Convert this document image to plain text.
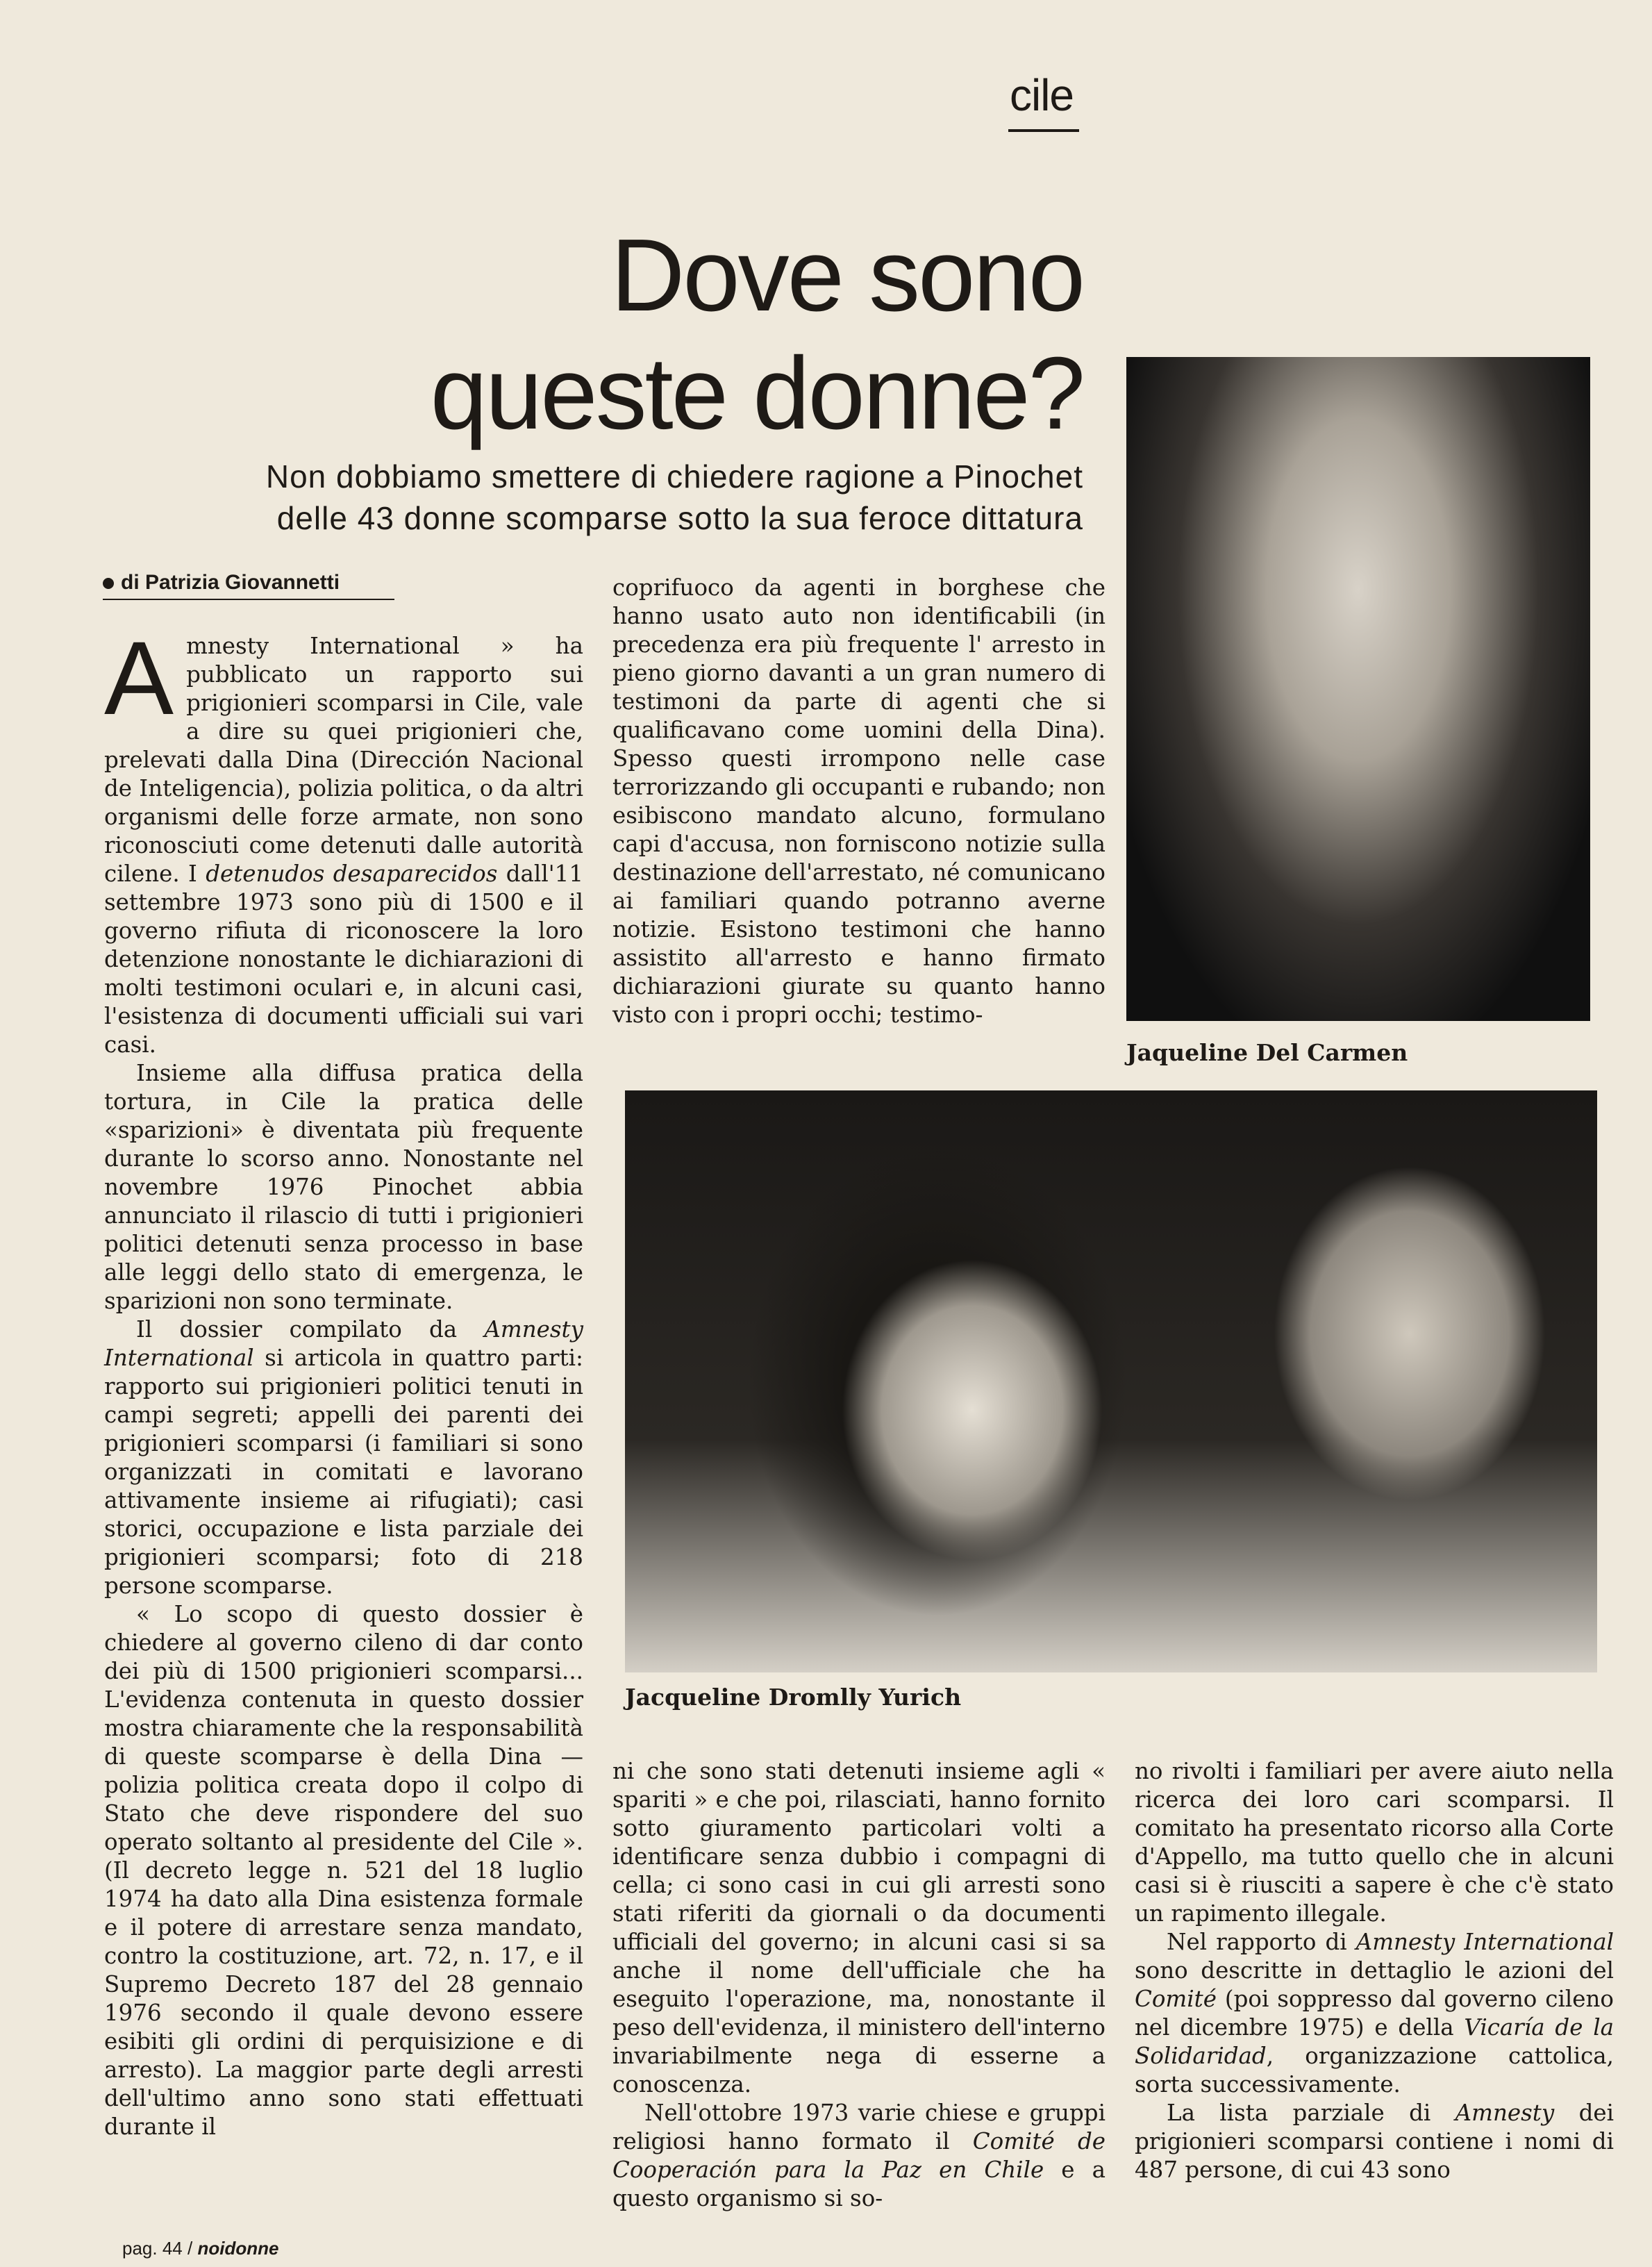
cile
Dove sono
queste donne?
Non dobbiamo smettere di chiedere ragione a Pinochet
delle 43 donne scomparse sotto la sua feroce dittatura
di Patrizia Giovannetti

Amnesty International » ha pubblicato un rapporto sui prigionieri scomparsi in Cile, vale a dire su quei prigionieri che, prelevati dalla Dina (Dirección Nacional de Inteligencia), polizia politica, o da altri organismi delle forze armate, non sono riconosciuti come detenuti dalle autorità cilene. I detenudos desaparecidos dall'11 settembre 1973 sono più di 1500 e il governo rifiuta di riconoscere la loro detenzione nonostante le dichiarazioni di molti testimoni oculari e, in alcuni casi, l'esistenza di documenti ufficiali sui vari casi.

Insieme alla diffusa pratica della tortura, in Cile la pratica delle «sparizioni» è diventata più frequente durante lo scorso anno. Nonostante nel novembre 1976 Pinochet abbia annunciato il rilascio di tutti i prigionieri politici detenuti senza processo in base alle leggi dello stato di emergenza, le sparizioni non sono terminate.

Il dossier compilato da Amnesty International si articola in quattro parti: rapporto sui prigionieri politici tenuti in campi segreti; appelli dei parenti dei prigionieri scomparsi (i familiari si sono organizzati in comitati e lavorano attivamente insieme ai rifugiati); casi storici, occupazione e lista parziale dei prigionieri scomparsi; foto di 218 persone scomparse.

« Lo scopo di questo dossier è chiedere al governo cileno di dar conto dei più di 1500 prigionieri scomparsi... L'evidenza contenuta in questo dossier mostra chiaramente che la responsabilità di queste scomparse è della Dina — polizia politica creata dopo il colpo di Stato che deve rispondere del suo operato soltanto al presidente del Cile ». (Il decreto legge n. 521 del 18 luglio 1974 ha dato alla Dina esistenza formale e il potere di arrestare senza mandato, contro la costituzione, art. 72, n. 17, e il Supremo Decreto 187 del 28 gennaio 1976 secondo il quale devono essere esibiti gli ordini di perquisizione e di arresto). La maggior parte degli arresti dell'ultimo anno sono stati effettuati durante il

coprifuoco da agenti in borghese che hanno usato auto non identificabili (in precedenza era più frequente l' arresto in pieno giorno davanti a un gran numero di testimoni da parte di agenti che si qualificavano come uomini della Dina). Spesso questi irrompono nelle case terrorizzando gli occupanti e rubando; non esibiscono mandato alcuno, formulano capi d'accusa, non forniscono notizie sulla destinazione dell'arrestato, né comunicano ai familiari quando potranno averne notizie. Esistono testimoni che hanno assistito all'arresto e hanno firmato dichiarazioni giurate su quanto hanno visto con i propri occhi; testimo-

Jaqueline Del Carmen
Jacqueline Dromlly Yurich

ni che sono stati detenuti insieme agli « spariti » e che poi, rilasciati, hanno fornito sotto giuramento particolari volti a identificare senza dubbio i compagni di cella; ci sono casi in cui gli arresti sono stati riferiti da giornali o da documenti ufficiali del governo; in alcuni casi si sa anche il nome dell'ufficiale che ha eseguito l'operazione, ma, nonostante il peso dell'evidenza, il ministero dell'interno invariabilmente nega di esserne a conoscenza.

Nell'ottobre 1973 varie chiese e gruppi religiosi hanno formato il Comité de Cooperación para la Paz en Chile e a questo organismo si so-

no rivolti i familiari per avere aiuto nella ricerca dei loro cari scomparsi. Il comitato ha presentato ricorso alla Corte d'Appello, ma tutto quello che in alcuni casi si è riusciti a sapere è che c'è stato un rapimento illegale.

Nel rapporto di Amnesty International sono descritte in dettaglio le azioni del Comité (poi soppresso dal governo cileno nel dicembre 1975) e della Vicaría de la Solidaridad, organizzazione cattolica, sorta successivamente.

La lista parziale di Amnesty dei prigionieri scomparsi contiene i nomi di 487 persone, di cui 43 sono

pag. 44 / noidonne
